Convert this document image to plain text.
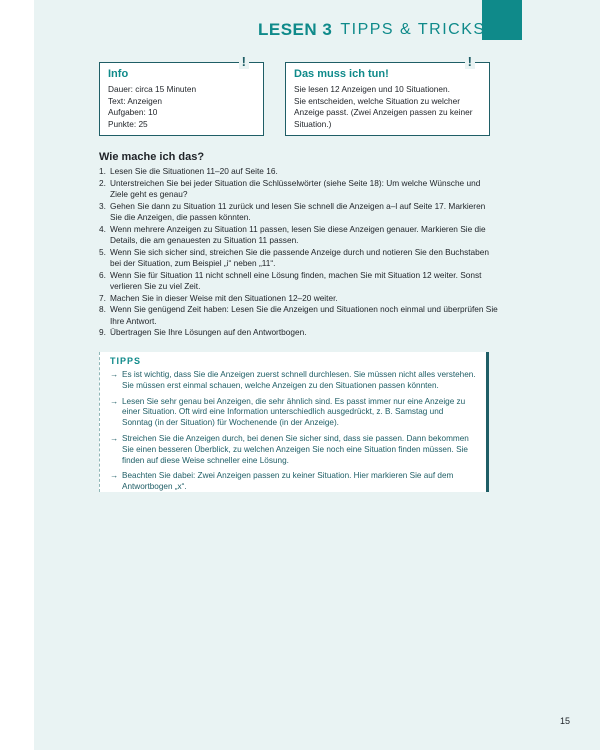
LESEN 3 TIPPS & TRICKS
!
Info
Dauer: circa 15 Minuten
Text: Anzeigen
Aufgaben: 10
Punkte: 25
!
Das muss ich tun!
Sie lesen 12 Anzeigen und 10 Situationen.
Sie entscheiden, welche Situation zu welcher
Anzeige passt. (Zwei Anzeigen passen zu keiner
Situation.)
Wie mache ich das?
1. Lesen Sie die Situationen 11–20 auf Seite 16.
2. Unterstreichen Sie bei jeder Situation die Schlüsselwörter (siehe Seite 18): Um welche Wünsche und Ziele geht es genau?
3. Gehen Sie dann zu Situation 11 zurück und lesen Sie schnell die Anzeigen a–l auf Seite 17. Markieren Sie die Anzeigen, die passen könnten.
4. Wenn mehrere Anzeigen zu Situation 11 passen, lesen Sie diese Anzeigen genauer. Markieren Sie die Details, die am genauesten zu Situation 11 passen.
5. Wenn Sie sich sicher sind, streichen Sie die passende Anzeige durch und notieren Sie den Buchstaben bei der Situation, zum Beispiel „i“ neben „11“.
6. Wenn Sie für Situation 11 nicht schnell eine Lösung finden, machen Sie mit Situation 12 weiter. Sonst verlieren Sie zu viel Zeit.
7. Machen Sie in dieser Weise mit den Situationen 12–20 weiter.
8. Wenn Sie genügend Zeit haben: Lesen Sie die Anzeigen und Situationen noch einmal und überprüfen Sie Ihre Antwort.
9. Übertragen Sie Ihre Lösungen auf den Antwortbogen.
TIPPS
→ Es ist wichtig, dass Sie die Anzeigen zuerst schnell durchlesen. Sie müssen nicht alles verstehen. Sie müssen erst einmal schauen, welche Anzeigen zu den Situationen passen könnten.
→ Lesen Sie sehr genau bei Anzeigen, die sehr ähnlich sind. Es passt immer nur eine Anzeige zu einer Situation. Oft wird eine Information unterschiedlich ausgedrückt, z. B. Samstag und Sonntag (in der Situation) für Wochenende (in der Anzeige).
→ Streichen Sie die Anzeigen durch, bei denen Sie sicher sind, dass sie passen. Dann bekommen Sie einen besseren Überblick, zu welchen Anzeigen Sie noch eine Situation finden müssen. Sie finden auf diese Weise schneller eine Lösung.
→ Beachten Sie dabei: Zwei Anzeigen passen zu keiner Situation. Hier markieren Sie auf dem Antwortbogen „x“.
15
